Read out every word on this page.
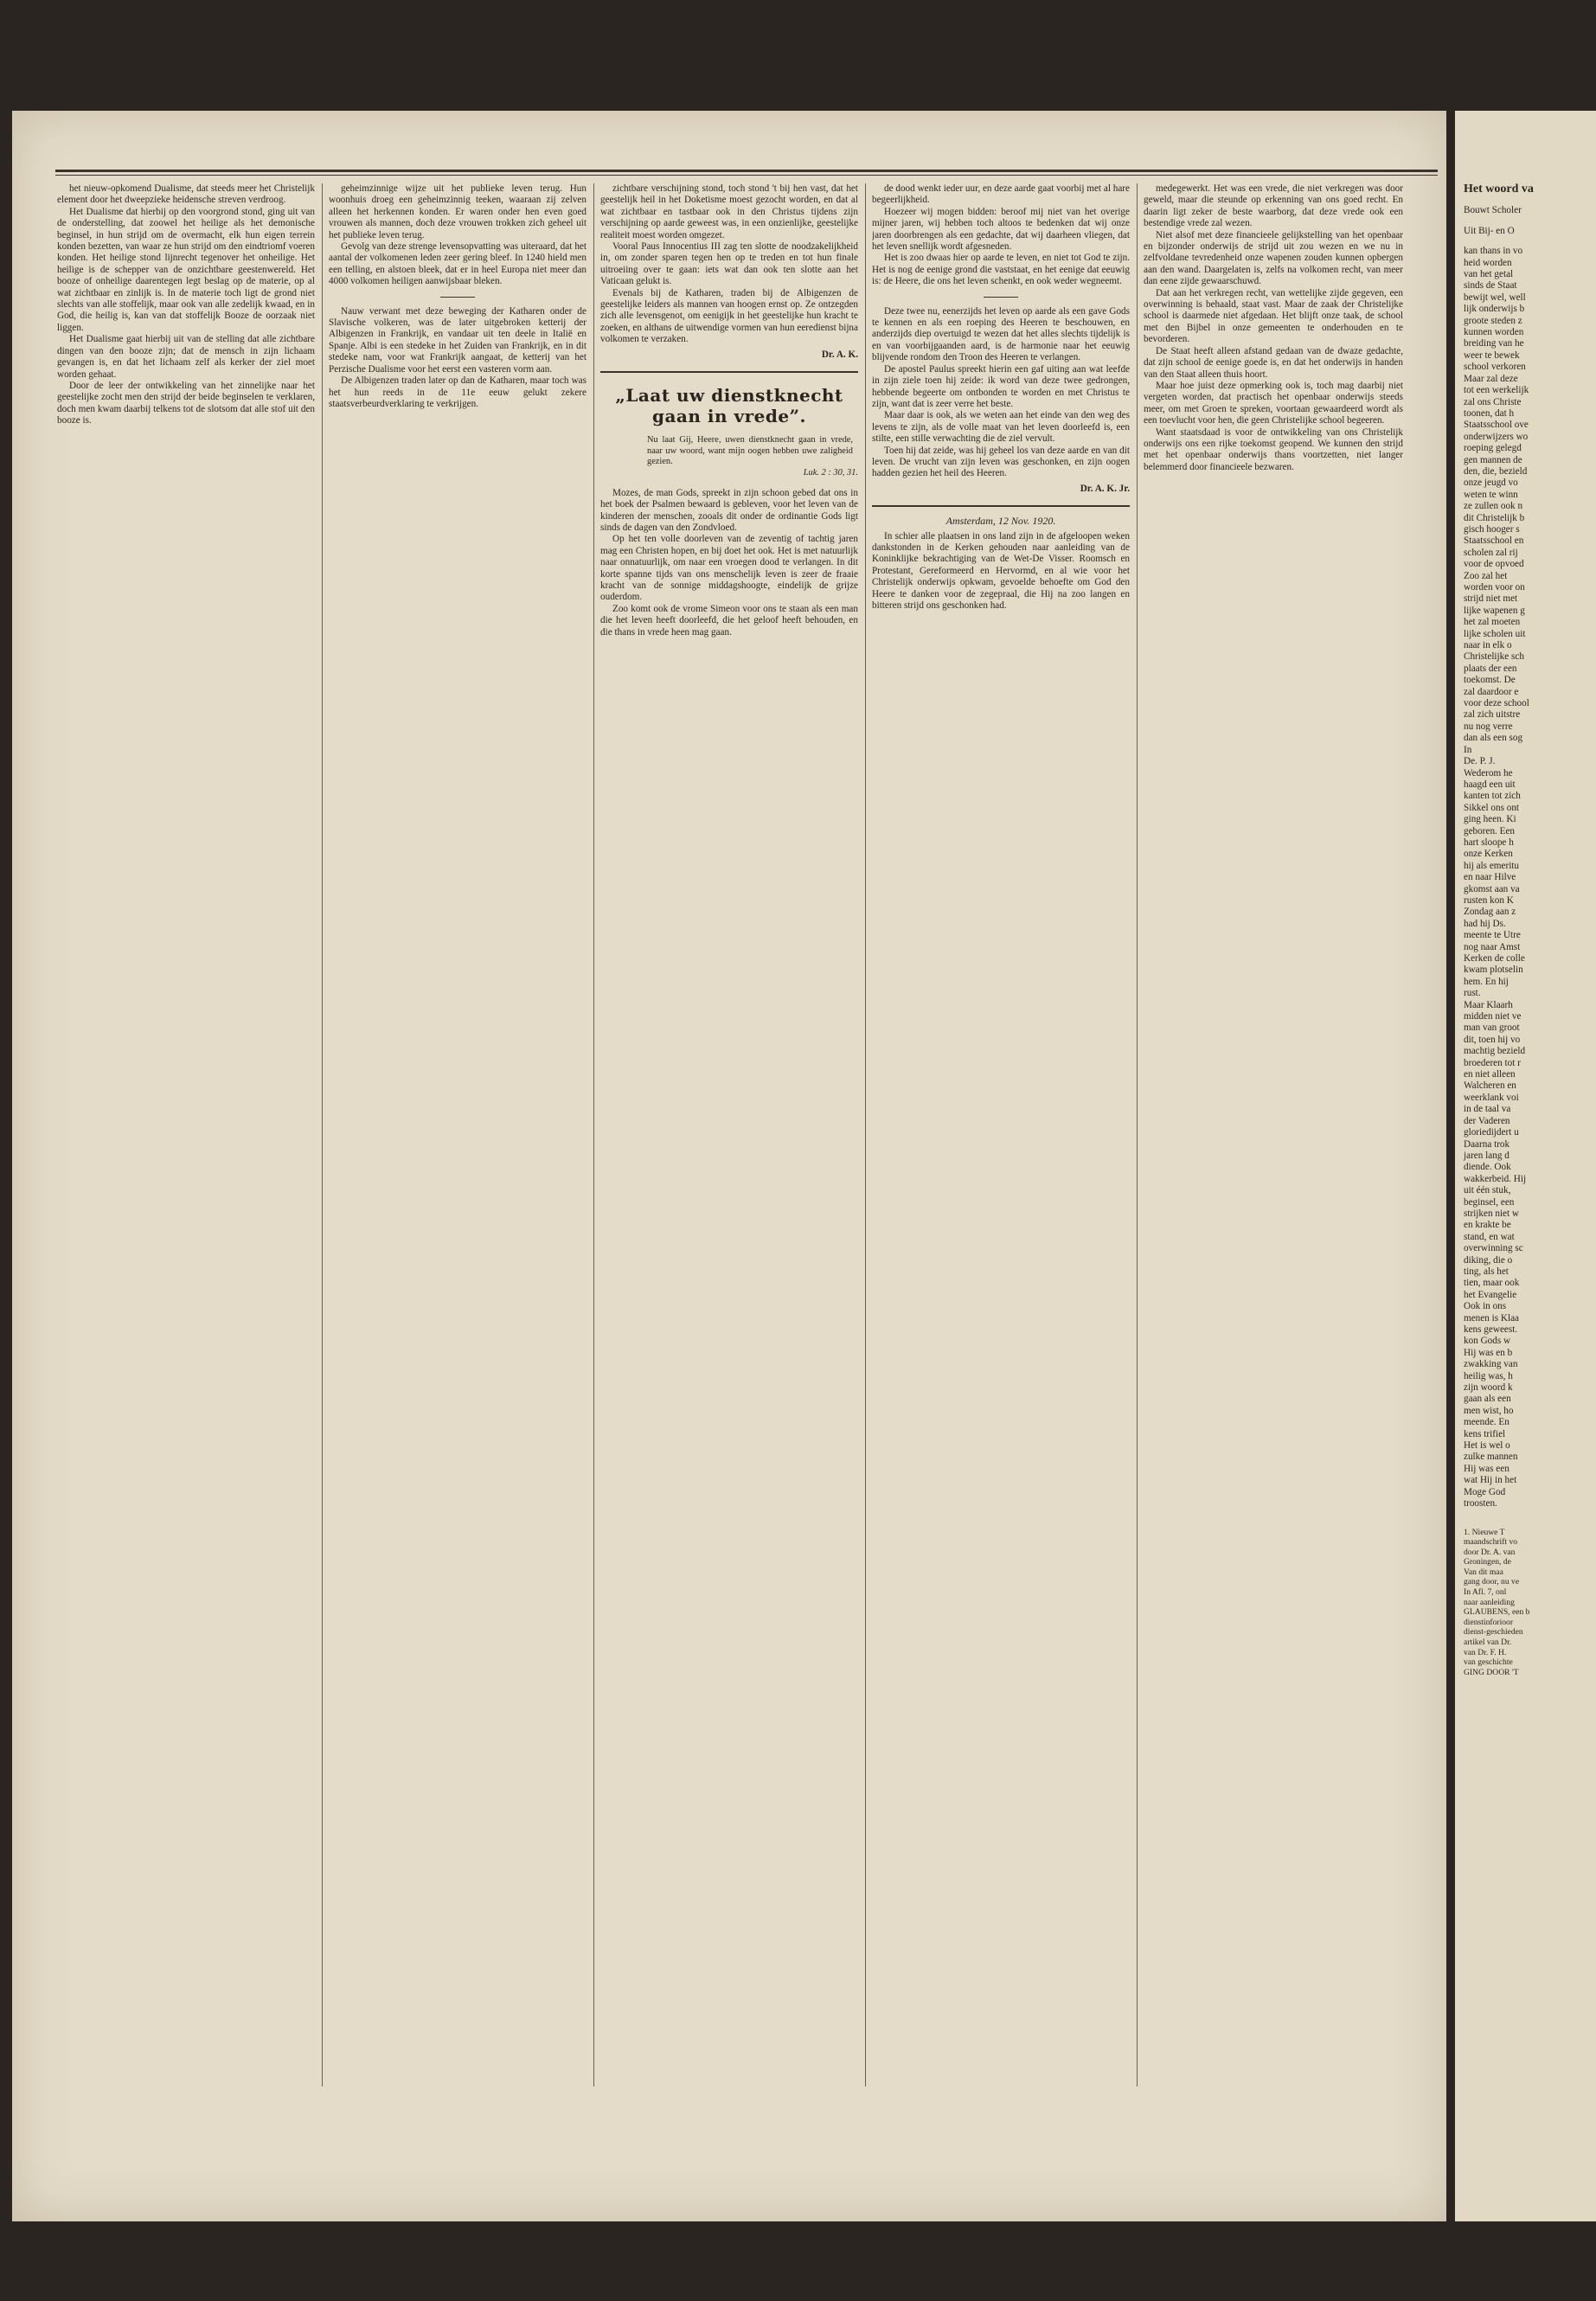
het nieuw-opkomend Dualisme, dat steeds meer het Christelijk element door het dweepzieke heidensche streven verdroog.

Het Dualisme dat hierbij op den voorgrond stond, ging uit van de onderstelling, dat zoowel het heilige als het demonische beginsel, in hun strijd om de overmacht, elk hun eigen terrein konden bezetten, van waar ze hun strijd om den eindtriomf voeren konden. Het heilige stond lijnrecht tegenover het onheilige. Het heilige is de schepper van de onzichtbare geestenwereld. Het booze of onheilige daarentegen legt beslag op de materie, op al wat zichtbaar en zinlijk is. In de materie toch ligt de grond niet slechts van alle stoffelijk, maar ook van alle zedelijk kwaad, en in God, die heilig is, kan van dat stoffelijk Booze de oorzaak niet liggen.

Het Dualisme gaat hierbij uit van de stelling dat alle zichtbare dingen van den booze zijn; dat de mensch in zijn lichaam gevangen is, en dat het lichaam zelf als kerker der ziel moet worden gehaat.

Door de leer der ontwikkeling van het zinnelijke naar het geestelijke zocht men den strijd der beide beginselen te verklaren, doch men kwam daarbij telkens tot de slotsom dat alle stof uit den booze is.

geheimzinnige wijze uit het publieke leven terug. Hun woonhuis droeg een geheimzinnig teeken, waaraan zij zelven alleen het herkennen konden. Er waren onder hen even goed vrouwen als mannen, doch deze vrouwen trokken zich geheel uit het publieke leven terug.

Gevolg van deze strenge levensopvatting was uiteraard, dat het aantal der volkomenen leden zeer gering bleef. In 1240 hield men een telling, en alstoen bleek, dat er in heel Europa niet meer dan 4000 volkomen heiligen aanwijsbaar bleken.

Nauw verwant met deze beweging der Katharen onder de Slavische volkeren, was de later uitgebroken ketterij der Albigenzen in Frankrijk, en vandaar uit ten deele in Italië en Spanje. Albi is een stedeke in het Zuiden van Frankrijk, en in dit stedeke nam, voor wat Frankrijk aangaat, de ketterij van het Perzische Dualisme voor het eerst een vasteren vorm aan.

De Albigenzen traden later op dan de Katharen, maar toch was het hun reeds in de 11e eeuw gelukt zekere staatsverbeurdverklaring te verkrijgen.

zichtbare verschijning stond, toch stond 't bij hen vast, dat het geestelijk heil in het Doketisme moest gezocht worden, en dat al wat zichtbaar en tastbaar ook in den Christus tijdens zijn verschijning op aarde geweest was, in een onzienlijke, geestelijke realiteit moest worden omgezet.

Vooral Paus Innocentius III zag ten slotte de noodzakelijkheid in, om zonder sparen tegen hen op te treden en tot hun finale uitroeiing over te gaan: iets wat dan ook ten slotte aan het Vaticaan gelukt is.

Evenals bij de Katharen, traden bij de Albigenzen de geestelijke leiders als mannen van hoogen ernst op. Ze ontzegden zich alle levensgenot, om eenigijk in het geestelijke hun kracht te zoeken, en althans de uitwendige vormen van hun eeredienst bijna volkomen te verzaken.

Dr. A. K.

„Laat uw dienstknecht gaan in vrede”.

Nu laat Gij, Heere, uwen dienstknecht gaan in vrede, naar uw woord, want mijn oogen hebben uwe zaligheid gezien.

Luk. 2 : 30, 31.

Mozes, de man Gods, spreekt in zijn schoon gebed dat ons in het boek der Psalmen bewaard is gebleven, voor het leven van de kinderen der menschen, zooals dit onder de ordinantie Gods ligt sinds de dagen van den Zondvloed.

Op het ten volle doorleven van de zeventig of tachtig jaren mag een Christen hopen, en bij doet het ook. Het is met natuurlijk naar onnatuurlijk, om naar een vroegen dood te verlangen. In dit korte spanne tijds van ons menschelijk leven is zeer de fraaie kracht van de sonnige middagshoogte, eindelijk de grijze ouderdom.

Zoo komt ook de vrome Simeon voor ons te staan als een man die het leven heeft doorleefd, die het geloof heeft behouden, en die thans in vrede heen mag gaan.

de dood wenkt ieder uur, en deze aarde gaat voorbij met al hare begeerlijkheid.

Hoezeer wij mogen bidden: beroof mij niet van het overige mijner jaren, wij hebben toch altoos te bedenken dat wij onze jaren doorbrengen als een gedachte, dat wij daarheen vliegen, dat het leven snellijk wordt afgesneden.

Het is zoo dwaas hier op aarde te leven, en niet tot God te zijn. Het is nog de eenige grond die vaststaat, en het eenige dat eeuwig is: de Heere, die ons het leven schenkt, en ook weder wegneemt.

Deze twee nu, eenerzijds het leven op aarde als een gave Gods te kennen en als een roeping des Heeren te beschouwen, en anderzijds diep overtuigd te wezen dat het alles slechts tijdelijk is en van voorbijgaanden aard, is de harmonie naar het eeuwig blijvende rondom den Troon des Heeren te verlangen.

De apostel Paulus spreekt hierin een gaf uiting aan wat leefde in zijn ziele toen hij zeide: ik word van deze twee gedrongen, hebbende begeerte om ontbonden te worden en met Christus te zijn, want dat is zeer verre het beste.

Maar daar is ook, als we weten aan het einde van den weg des levens te zijn, als de volle maat van het leven doorleefd is, een stilte, een stille verwachting die de ziel vervult.

Toen hij dat zeide, was hij geheel los van deze aarde en van dit leven. De vrucht van zijn leven was geschonken, en zijn oogen hadden gezien het heil des Heeren.

Dr. A. K. Jr.

Amsterdam, 12 Nov. 1920.

In schier alle plaatsen in ons land zijn in de afgeloopen weken dankstonden in de Kerken gehouden naar aanleiding van de Koninklijke bekrachtiging van de Wet-De Visser. Roomsch en Protestant, Gereformeerd en Hervormd, en al wie voor het Christelijk onderwijs opkwam, gevoelde behoefte om God den Heere te danken voor de zegepraal, die Hij na zoo langen en bitteren strijd ons geschonken had.

medegewerkt. Het was een vrede, die niet verkregen was door geweld, maar die steunde op erkenning van ons goed recht. En daarin ligt zeker de beste waarborg, dat deze vrede ook een bestendige vrede zal wezen.

Niet alsof met deze financieele gelijkstelling van het openbaar en bijzonder onderwijs de strijd uit zou wezen en we nu in zelfvoldane tevredenheid onze wapenen zouden kunnen opbergen aan den wand. Daargelaten is, zelfs na volkomen recht, van meer dan eene zijde gewaarschuwd.

Dat aan het verkregen recht, van wettelijke zijde gegeven, een overwinning is behaald, staat vast. Maar de zaak der Christelijke school is daarmede niet afgedaan. Het blijft onze taak, de school met den Bijbel in onze gemeenten te onderhouden en te bevorderen.

De Staat heeft alleen afstand gedaan van de dwaze gedachte, dat zijn school de eenige goede is, en dat het onderwijs in handen van den Staat alleen thuis hoort.

Maar hoe juist deze opmerking ook is, toch mag daarbij niet vergeten worden, dat practisch het openbaar onderwijs steeds meer, om met Groen te spreken, voortaan gewaardeerd wordt als een toevlucht voor hen, die geen Christelijke school begeeren.

Want staatsdaad is voor de ontwikkeling van ons Christelijk onderwijs ons een rijke toekomst geopend. We kunnen den strijd met het openbaar onderwijs thans voortzetten, niet langer belemmerd door financieele bezwaren.

Het woord va
Bouwt Scholer
Uit Bij- en O
kan thans in vo
heid worden
van het getal
sinds de Staat
bewijt wel, well
lijk onderwijs b
groote steden z
kunnen worden
breiding van he
weer te bewek
school verkoren
Maar zal deze
tot een werkelijk
zal ons Christe
toonen, dat h
Staatsschool ove
onderwijzers wo
roeping gelegd
gen mannen de
den, die, bezield
onze jeugd vo
weten te winn
ze zullen ook n
dit Christelijk b
gisch hooger s
Staatsschool en
scholen zal rij
voor de opvoed
Zoo zal het
worden voor on
strijd niet met
lijke wapenen g
het zal moeten
lijke scholen uit
naar in elk o
Christelijke sch
plaats der een
toekomst. De
zal daardoor e
voor deze school
zal zich uitstre
nu nog verre
dan als een sog
In
De. P. J.
Wederom he
haagd een uit
kanten tot zich
Sikkel ons ont
ging heen. Ki
geboren. Een
hart sloope h
onze Kerken
hij als emeritu
en naar Hilve
gkomst aan va
rusten kon K
Zondag aan z
had hij Ds.
meente te Utre
nog naar Amst
Kerken de colle
kwam plotselin
hem. En hij
rust.
Maar Klaarh
midden niet ve
man van groot
dit, toen hij vo
machtig bezield
broederen tot r
en niet alleen
Walcheren en
weerklank voi
in de taal va
der Vaderen
gloriedijdert u
Daarna trok
jaren lang d
diende. Ook
wakkerbeid. Hij
uit één stuk,
beginsel, een
strijken niet w
en krakte be
stand, en wat
overwinning sc
diking, die o
ting, als het
tien, maar ook
het Evangelie
Ook in ons
menen is Klaa
kens geweest.
kon Gods w
Hij was en b
zwakking van
heilig was, h
zijn woord k
gaan als een
men wist, ho
meende. En
kens trifiel
Het is wel o
zulke mannen
Hij was een
wat Hij in het
Moge God
troosten.
1. Nieuwe T
maandschrift vo
door Dr. A. van
Groningen, de
Van dit maa
gang door, nu ve
In Afl. 7, onl
naar aanleiding
GLAUBENS, een b
dienstinforioor
dienst-geschieden
artikel van Dr.
van Dr. F. H.
van geschichte
GING DOOR 'T
